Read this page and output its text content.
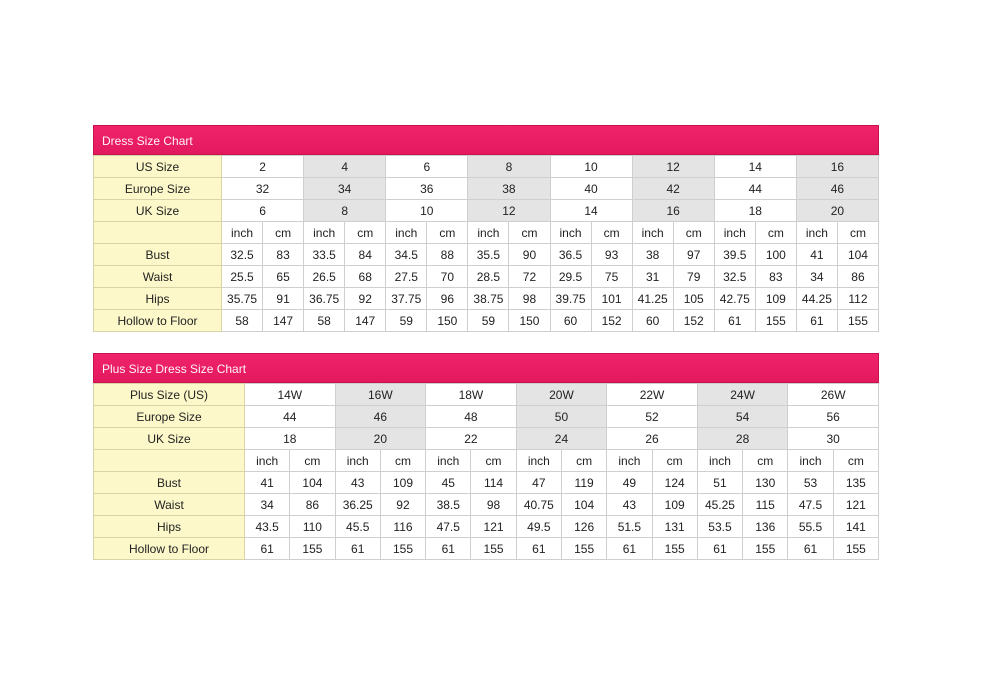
Dress Size Chart
US Size	2		4		6		8		10		12		14		16	
Europe Size	32		34		36		38		40		42		44		46	
UK Size	6		8		10		12		14		16		18		20	
	inch	cm	inch	cm	inch	cm	inch	cm	inch	cm	inch	cm	inch	cm	inch	cm
Bust	32.5	83	33.5	84	34.5	88	35.5	90	36.5	93	38	97	39.5	100	41	104
Waist	25.5	65	26.5	68	27.5	70	28.5	72	29.5	75	31	79	32.5	83	34	86
Hips	35.75	91	36.75	92	37.75	96	38.75	98	39.75	101	41.25	105	42.75	109	44.25	112
Hollow to Floor	58	147	58	147	59	150	59	150	60	152	60	152	61	155	61	155
Plus Size Dress Size Chart
Plus Size (US)	14W		16W		18W		20W		22W		24W		26W	
Europe Size	44		46		48		50		52		54		56	
UK Size	18		20		22		24		26		28		30	
	inch	cm	inch	cm	inch	cm	inch	cm	inch	cm	inch	cm	inch	cm
Bust	41	104	43	109	45	114	47	119	49	124	51	130	53	135
Waist	34	86	36.25	92	38.5	98	40.75	104	43	109	45.25	115	47.5	121
Hips	43.5	110	45.5	116	47.5	121	49.5	126	51.5	131	53.5	136	55.5	141
Hollow to Floor	61	155	61	155	61	155	61	155	61	155	61	155	61	155
